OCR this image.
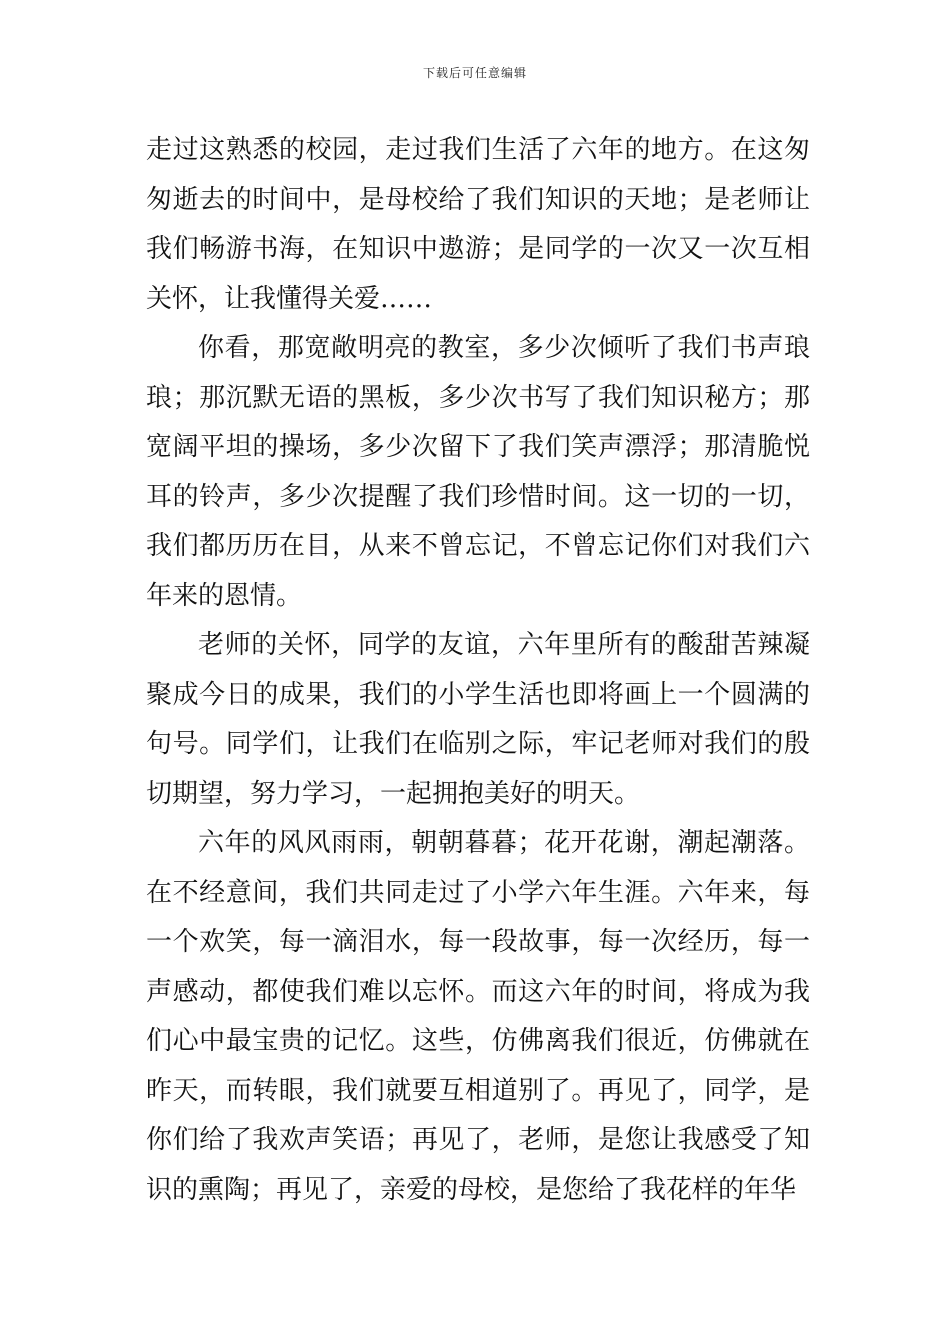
下载后可任意编辑

走过这熟悉的校园，走过我们生活了六年的地方。在这匆匆逝去的时间中，是母校给了我们知识的天地；是老师让我们畅游书海，在知识中遨游；是同学的一次又一次互相关怀，让我懂得关爱……

你看，那宽敞明亮的教室，多少次倾听了我们书声琅琅；那沉默无语的黑板，多少次书写了我们知识秘方；那宽阔平坦的操场，多少次留下了我们笑声漂浮；那清脆悦耳的铃声，多少次提醒了我们珍惜时间。这一切的一切，我们都历历在目，从来不曾忘记，不曾忘记你们对我们六年来的恩情。

老师的关怀，同学的友谊，六年里所有的酸甜苦辣凝聚成今日的成果，我们的小学生活也即将画上一个圆满的句号。同学们，让我们在临别之际，牢记老师对我们的殷切期望，努力学习，一起拥抱美好的明天。

六年的风风雨雨，朝朝暮暮；花开花谢，潮起潮落。在不经意间，我们共同走过了小学六年生涯。六年来，每一个欢笑，每一滴泪水，每一段故事，每一次经历，每一声感动，都使我们难以忘怀。而这六年的时间，将成为我们心中最宝贵的记忆。这些，仿佛离我们很近，仿佛就在昨天，而转眼，我们就要互相道别了。再见了，同学，是你们给了我欢声笑语；再见了，老师，是您让我感受了知识的熏陶；再见了，亲爱的母校，是您给了我花样的年华
